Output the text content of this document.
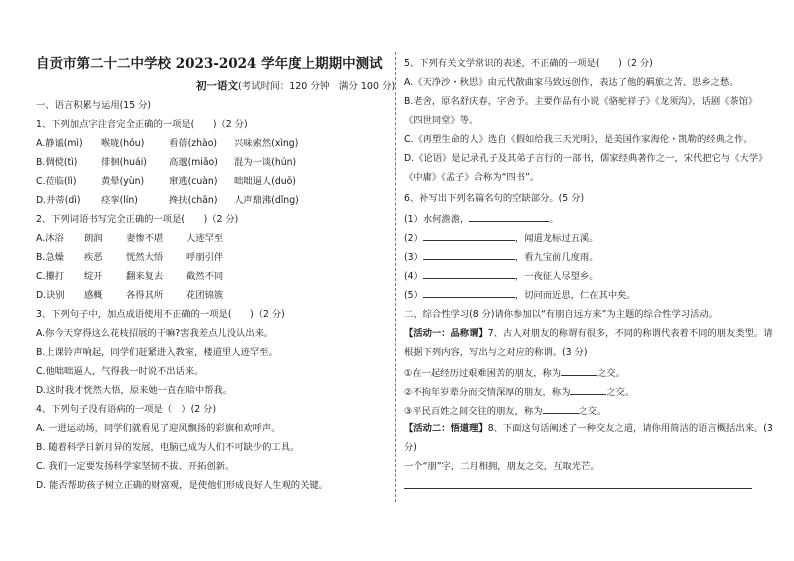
自贡市第二十二中学校 2023-2024 学年度上期期中测试
初一语文(考试时间：120 分钟　满分 100 分)
一、语言积累与运用(15 分)
1、下列加点字注音完全正确的一项是(　　)（2 分)
A.静谧(mì) 喉咙(hóu)	看蓓(zhào) 兴味索然(xìng)
B.倜傥(tì)	徘徊(huái) 高邈(miǎo) 混为一谈(hún)
C.莅临(lì)	黄晕(yùn)	窜逃(cuàn) 咄咄逼人(duō)
D.并蒂(dì) 痉挛(lín)	搀扶(chān) 人声鼎沸(dǐng)
2、下列词语书写完全正确的一项是(　　)（2 分)
A.沐浴 朗润	妻惨不堪 人迹罕至
B.急燥 疾恶	恍然大悟 呼朋引伴
C.攥打 绽开	翻来复去 截然不同
D.诀别 感概	各得其所 花团锦簇
3、下列句子中，加点成语使用不正确的一项是(　　)（2 分)
A.你今天穿得这么花枝招展的干嘛?害我差点儿没认出来。
B.上课铃声响起，同学们赶紧进入教室，楼道里人迹罕至。
C.他咄咄逼人，气得我一时说不出话来。
D.这时我才恍然大悟，原来她一直在暗中帮我。
4、下列句子没有语病的一项是（　）(2 分)
A. 一进运动场，同学们就看见了迎风飘扬的彩旗和欢呼声。
B. 随着科学日新月异的发展，电脑已成为人们不可缺少的工具。
C. 我们一定要发扬科学家坚韧不拔、开拓创新。
D. 能否帮助孩子树立正确的财富观，是使他们形成良好人生观的关键。
5、下列有关文学常识的表述，不正确的一项是(　　)（2 分)
A.《天净沙・秋思》由元代散曲家马致远创作，表达了他的羁旅之苦、思乡之愁。
B.老舍，原名舒庆春，字舍予。主要作品有小说《骆驼祥子》《龙须沟》，话剧《茶馆》
《四世同堂》等。
C.《再塑生命的人》选自《假如给我三天光明》，是美国作家海伦・凯勒的经典之作。
D.《论语》是记录孔子及其弟子言行的一部书，儒家经典著作之一，宋代把它与《大学》
《中庸》《孟子》合称为“四书”。
6、补写出下列名篇名句的空缺部分。(5 分)
(1）水何澹澹，	。
(2）	，闻道龙标过五溪。
(3）	，看九宝前几度雨。
(4）	，一夜征人尽望乡。
(5）	，切问而近思，仁在其中矣。
二、综合性学习(8 分)请你参加以“有朋自远方来”为主题的综合性学习活动。
【活动一：品称谓】7、古人对朋友的称谓有很多，不同的称谓代表着不同的朋友类型。请
根据下列内容，写出与之对应的称谓。(3 分)
①在一起经历过艰难困苦的朋友，称为	之交。
②不拘年岁辈分而交情深厚的朋友，称为	之交。
③平民百姓之间交往的朋友，称为	之交。
【活动二：悟道理】8、下面这句话阐述了一种交友之道，请你用简洁的语言概括出来。(3
分)
一个“朋”字，二月相拥，朋友之交，互取光芒。
